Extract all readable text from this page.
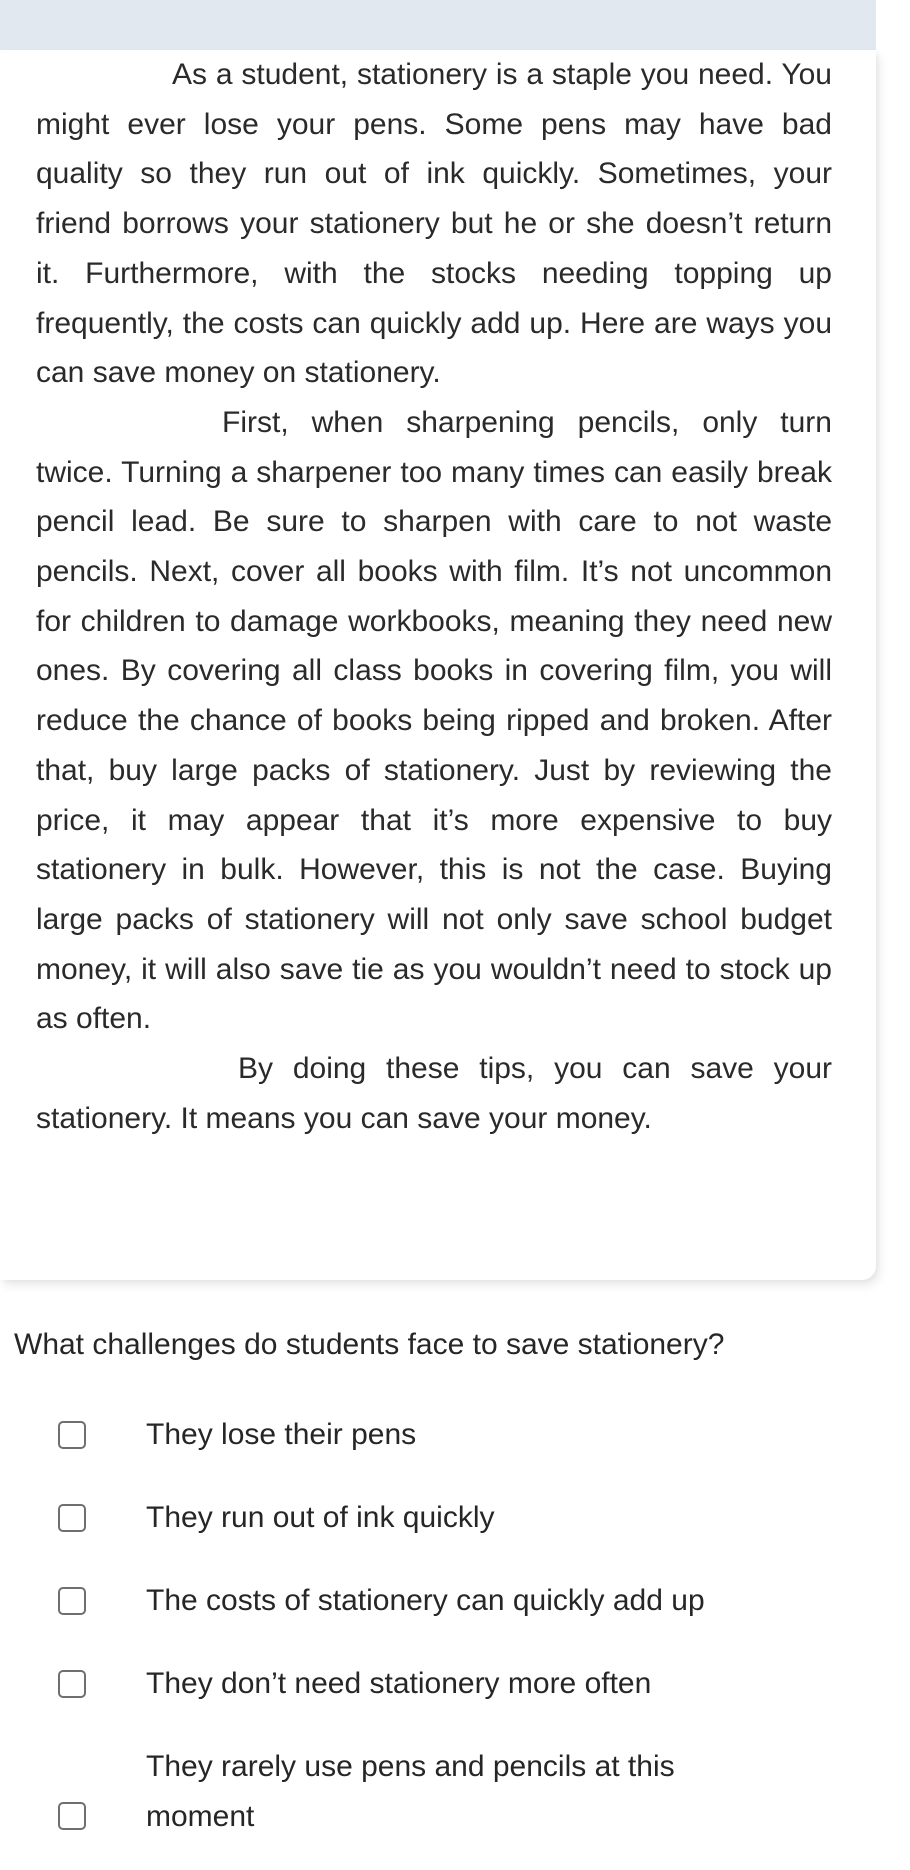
As a student, stationery is a staple you need. You might ever lose your pens. Some pens may have bad quality so they run out of ink quickly. Sometimes, your friend borrows your stationery but he or she doesn’t return it. Furthermore, with the stocks needing topping up frequently, the costs can quickly add up. Here are ways you can save money on stationery.

First, when sharpening pencils, only turn twice. Turning a sharpener too many times can easily break pencil lead. Be sure to sharpen with care to not waste pencils. Next, cover all books with film. It’s not uncommon for children to damage workbooks, meaning they need new ones. By covering all class books in covering film, you will reduce the chance of books being ripped and broken. After that, buy large packs of stationery. Just by reviewing the price, it may appear that it’s more expensive to buy stationery in bulk. However, this is not the case. Buying large packs of stationery will not only save school budget money, it will also save tie as you wouldn’t need to stock up as often.

By doing these tips, you can save your stationery. It means you can save your money.

What challenges do students face to save stationery?
They lose their pens
They run out of ink quickly
The costs of stationery can quickly add up
They don’t need stationery more often
They rarely use pens and pencils at this moment
